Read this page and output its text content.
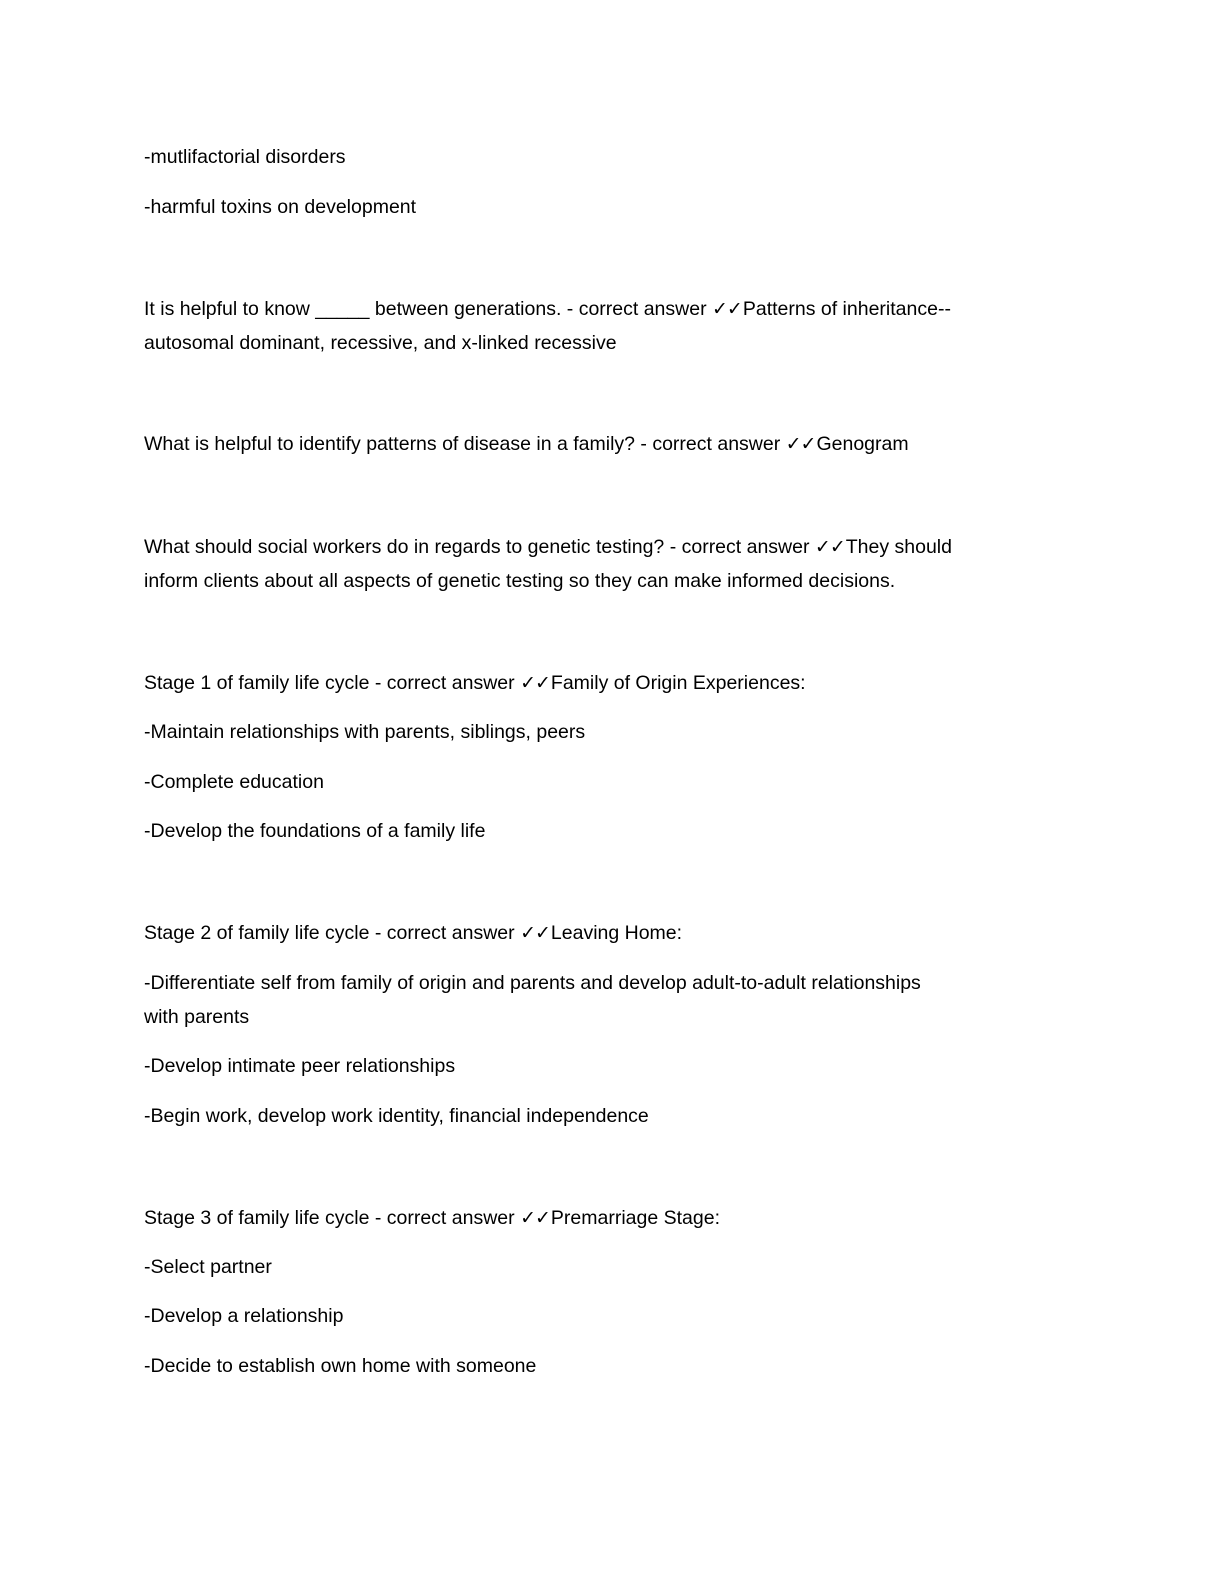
-mutlifactorial disorders

-harmful toxins on development

It is helpful to know _____ between generations. - correct answer ✓✓Patterns of inheritance--

autosomal dominant, recessive, and x-linked recessive

What is helpful to identify patterns of disease in a family? - correct answer ✓✓Genogram

What should social workers do in regards to genetic testing? - correct answer ✓✓They should

inform clients about all aspects of genetic testing so they can make informed decisions.

Stage 1 of family life cycle - correct answer ✓✓Family of Origin Experiences:

-Maintain relationships with parents, siblings, peers

-Complete education

-Develop the foundations of a family life

Stage 2 of family life cycle - correct answer ✓✓Leaving Home:

-Differentiate self from family of origin and parents and develop adult-to-adult relationships

with parents

-Develop intimate peer relationships

-Begin work, develop work identity, financial independence

Stage 3 of family life cycle - correct answer ✓✓Premarriage Stage:

-Select partner

-Develop a relationship

-Decide to establish own home with someone
